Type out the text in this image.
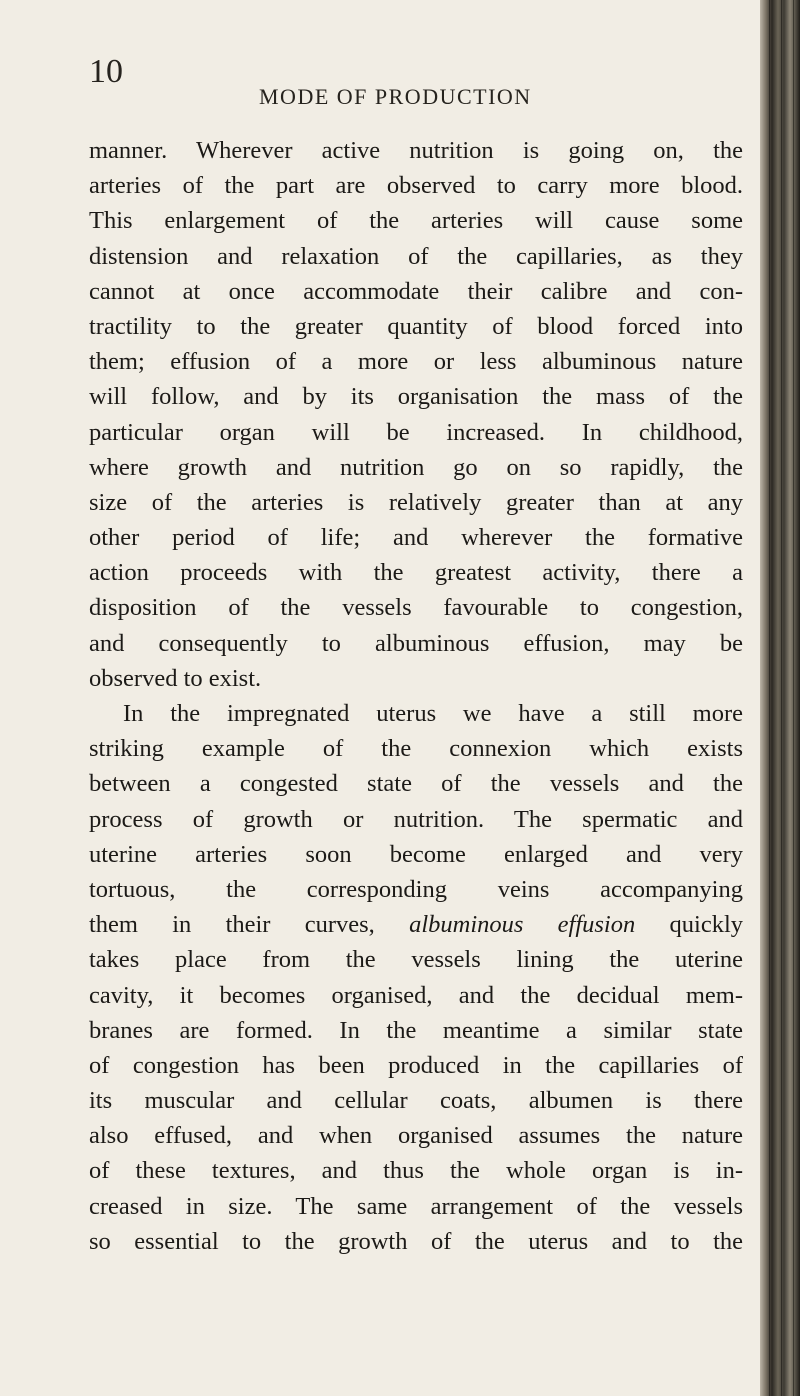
10
MODE OF PRODUCTION
manner. Wherever active nutrition is going on, the
arteries of the part are observed to carry more blood.
This enlargement of the arteries will cause some
distension and relaxation of the capillaries, as they
cannot at once accommodate their calibre and con-
tractility to the greater quantity of blood forced into
them; effusion of a more or less albuminous nature
will follow, and by its organisation the mass of the
particular organ will be increased. In childhood,
where growth and nutrition go on so rapidly, the
size of the arteries is relatively greater than at any
other period of life; and wherever the formative
action proceeds with the greatest activity, there a
disposition of the vessels favourable to congestion,
and consequently to albuminous effusion, may be
observed to exist.
In the impregnated uterus we have a still more
striking example of the connexion which exists
between a congested state of the vessels and the
process of growth or nutrition. The spermatic and
uterine arteries soon become enlarged and very
tortuous, the corresponding veins accompanying
them in their curves, albuminous effusion quickly
takes place from the vessels lining the uterine
cavity, it becomes organised, and the decidual mem-
branes are formed. In the meantime a similar state
of congestion has been produced in the capillaries of
its muscular and cellular coats, albumen is there
also effused, and when organised assumes the nature
of these textures, and thus the whole organ is in-
creased in size. The same arrangement of the vessels
so essential to the growth of the uterus and to the
